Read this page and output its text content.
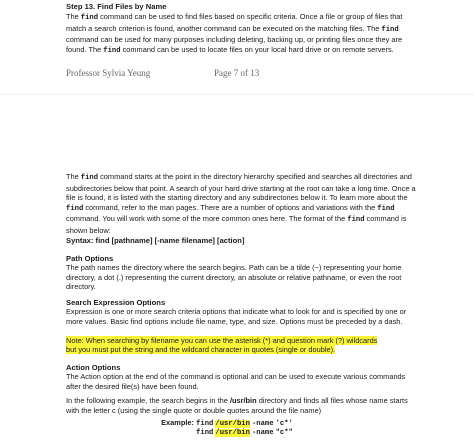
Step 13. Find Files by Name

The find command can be used to find files based on specific criteria. Once a file or group of files that match a search criterion is found, another command can be executed on the matching files. The find command can be used for many purposes including deleting, backing up, or printing files once they are found. The find command can be used to locate files on your local hard drive or on remote servers.

Professor Sylvia Yeung	Page 7 of 13

The find command starts at the point in the directory hierarchy specified and searches all directories and subdirectories below that point. A search of your hard drive starting at the root can take a long time. Once a file is found, it is listed with the starting directory and any subdirectories below it. To learn more about the find command, refer to the man pages. There are a number of options and variations with the find command. You will work with some of the more common ones here. The format of the find command is shown below:

Syntax: find [pathname] [-name filename] [action]

Path Options

The path names the directory where the search begins. Path can be a tilde (~) representing your home directory, a dot (.) representing the current directory, an absolute or relative pathname, or even the root directory.

Search Expression Options

Expression is one or more search criteria options that indicate what to look for and is specified by one or more values. Basic find options include file name, type, and size. Options must be preceded by a dash.

Note: When searching by filename you can use the asterisk (*) and question mark (?) wildcards
but you must put the string and the wildcard character in quotes (single or double).

Action Options

The Action option at the end of the command is optional and can be used to execute various commands after the desired file(s) have been found.

In the following example, the search begins in the /usr/bin directory and finds all files whose name starts with the letter c (using the single quote or double quotes around the file name)

Example: find /usr/bin -name 'c*'
find /usr/bin -name "c*"
